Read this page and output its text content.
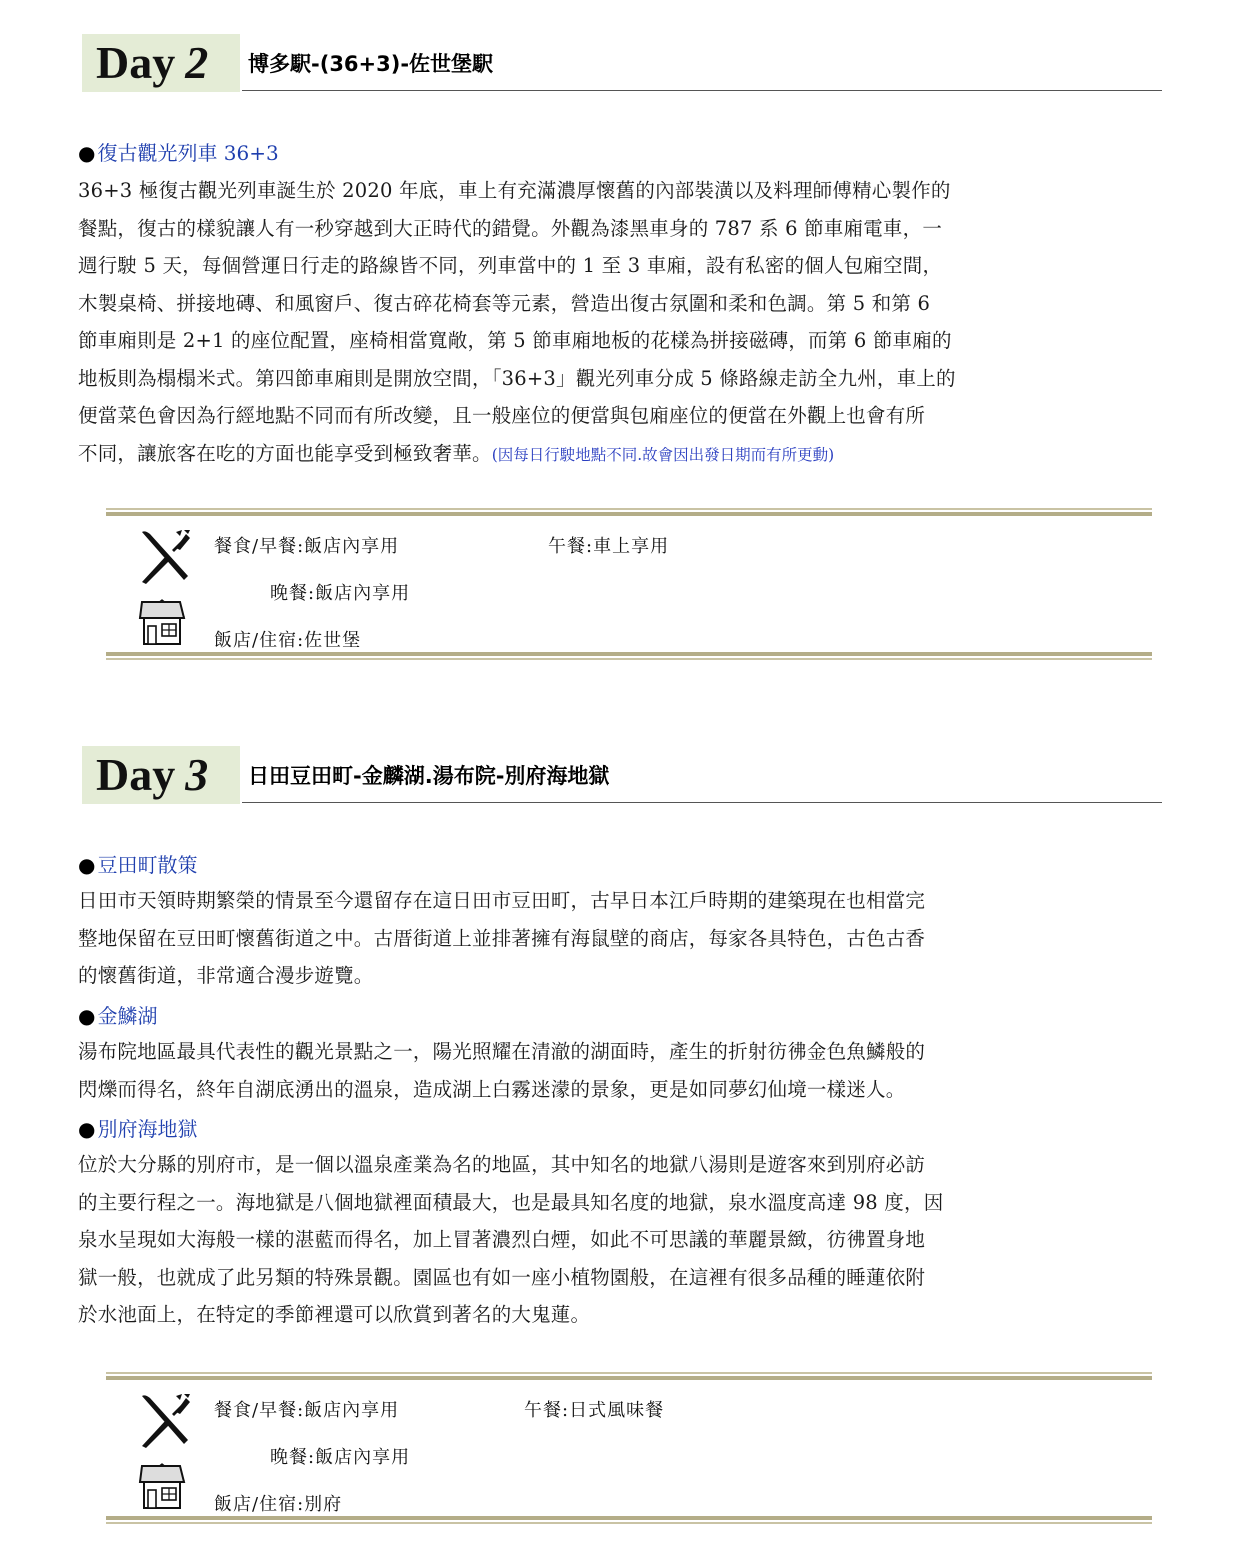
Day 2	博多駅-(36+3)-佐世堡駅
● 復古觀光列車 36+3
36+3 極復古觀光列車誕生於 2020 年底，車上有充滿濃厚懷舊的內部裝潢以及料理師傅精心製作的
餐點，復古的樣貌讓人有一秒穿越到大正時代的錯覺。外觀為漆黑車身的 787 系 6 節車廂電車，一
週行駛 5 天，每個營運日行走的路線皆不同，列車當中的 1 至 3 車廂，設有私密的個人包廂空間，
木製桌椅、拼接地磚、和風窗戶、復古碎花椅套等元素，營造出復古氛圍和柔和色調。第 5 和第 6
節車廂則是 2+1 的座位配置，座椅相當寬敞，第 5 節車廂地板的花樣為拼接磁磚，而第 6 節車廂的
地板則為榻榻米式。第四節車廂則是開放空間，「36+3」觀光列車分成 5 條路線走訪全九州，車上的
便當菜色會因為行經地點不同而有所改變，且一般座位的便當與包廂座位的便當在外觀上也會有所
不同，讓旅客在吃的方面也能享受到極致奢華。(因每日行駛地點不同.故會因出發日期而有所更動)
餐食/早餐:飯店內享用	午餐:車上享用
晚餐:飯店內享用
飯店/住宿:佐世堡
Day 3	日田豆田町-金麟湖.湯布院-別府海地獄
● 豆田町散策
日田市天領時期繁榮的情景至今還留存在這日田市豆田町，古早日本江戶時期的建築現在也相當完
整地保留在豆田町懷舊街道之中。古厝街道上並排著擁有海鼠壁的商店，每家各具特色，古色古香
的懷舊街道，非常適合漫步遊覽。
● 金鱗湖
湯布院地區最具代表性的觀光景點之一，陽光照耀在清澈的湖面時，產生的折射彷彿金色魚鱗般的
閃爍而得名，終年自湖底湧出的溫泉，造成湖上白霧迷濛的景象，更是如同夢幻仙境一樣迷人。
● 別府海地獄
位於大分縣的別府市，是一個以溫泉產業為名的地區，其中知名的地獄八湯則是遊客來到別府必訪
的主要行程之一。海地獄是八個地獄裡面積最大，也是最具知名度的地獄，泉水溫度高達 98 度，因
泉水呈現如大海般一樣的湛藍而得名，加上冒著濃烈白煙，如此不可思議的華麗景緻，彷彿置身地
獄一般，也就成了此另類的特殊景觀。園區也有如一座小植物園般，在這裡有很多品種的睡蓮依附
於水池面上，在特定的季節裡還可以欣賞到著名的大鬼蓮。
餐食/早餐:飯店內享用	午餐:日式風味餐
晚餐:飯店內享用
飯店/住宿:別府
